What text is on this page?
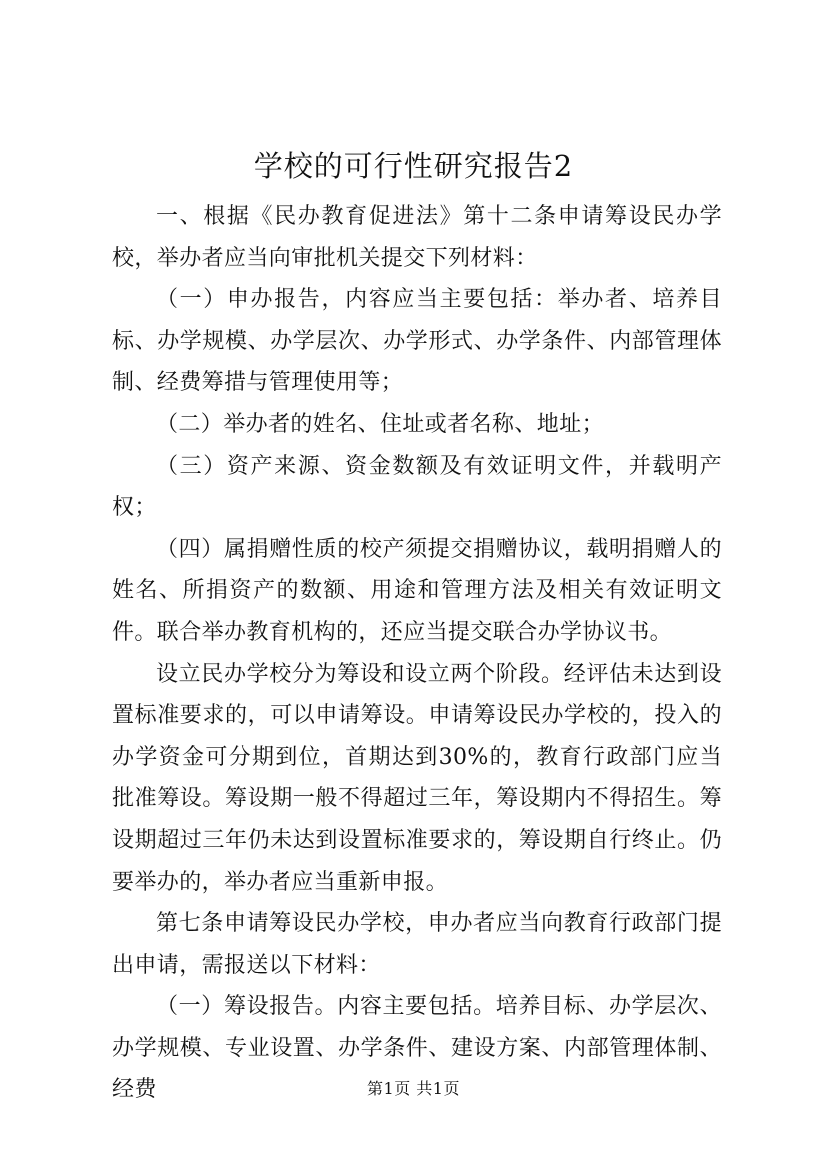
学校的可行性研究报告2

一、根据《民办教育促进法》第十二条申请筹设民办学校，举办者应当向审批机关提交下列材料：

（一）申办报告，内容应当主要包括：举办者、培养目标、办学规模、办学层次、办学形式、办学条件、内部管理体制、经费筹措与管理使用等；

（二）举办者的姓名、住址或者名称、地址；

（三）资产来源、资金数额及有效证明文件，并载明产权；

（四）属捐赠性质的校产须提交捐赠协议，载明捐赠人的姓名、所捐资产的数额、用途和管理方法及相关有效证明文件。联合举办教育机构的，还应当提交联合办学协议书。

设立民办学校分为筹设和设立两个阶段。经评估未达到设置标准要求的，可以申请筹设。申请筹设民办学校的，投入的办学资金可分期到位，首期达到30%的，教育行政部门应当批准筹设。筹设期一般不得超过三年，筹设期内不得招生。筹设期超过三年仍未达到设置标准要求的，筹设期自行终止。仍要举办的，举办者应当重新申报。

第七条申请筹设民办学校，申办者应当向教育行政部门提出申请，需报送以下材料：

（一）筹设报告。内容主要包括。培养目标、办学层次、办学规模、专业设置、办学条件、建设方案、内部管理体制、经费	第1页 共1页
